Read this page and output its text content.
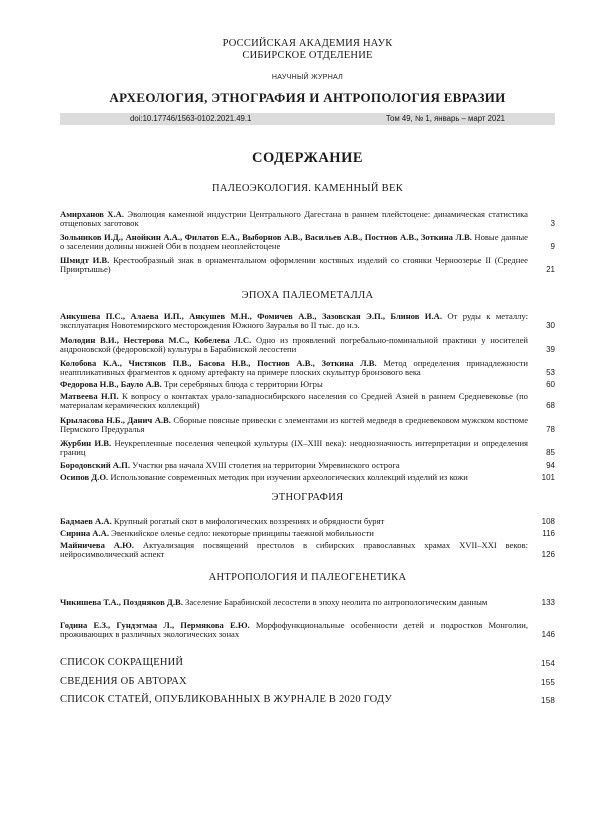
РОССИЙСКАЯ АКАДЕМИЯ НАУК
СИБИРСКОЕ ОТДЕЛЕНИЕ
НАУЧНЫЙ ЖУРНАЛ
АРХЕОЛОГИЯ, ЭТНОГРАФИЯ И АНТРОПОЛОГИЯ ЕВРАЗИИ
doi:10.17746/1563-0102.2021.49.1	Том 49, № 1, январь – март 2021
СОДЕРЖАНИЕ
ПАЛЕОЭКОЛОГИЯ. КАМЕННЫЙ ВЕК
Амирханов Х.А. Эволюция каменной индустрии Центрального Дагестана в раннем плейстоцене: динамическая статистика отщеповых заготовок	3
Зольников И.Д., Анойкин А.А., Филатов Е.А., Выборнов А.В., Васильев А.В., Постнов А.В., Зоткина Л.В. Новые данные о заселении долины нижней Оби в позднем неоплейстоцене	9
Шмидт И.В. Крестообразный знак в орнаментальном оформлении костяных изделий со стоянки Черноозерье II (Среднее Прииртышье)	21
ЭПОХА ПАЛЕОМЕТАЛЛА
Анкушева П.С., Алаева И.П., Анкушев М.Н., Фомичев А.В., Зазовская Э.П., Блинов И.А. От руды к металлу: эксплуатация Новотемирского месторождения Южного Зауралья во II тыс. до н.э.	30
Молодин В.И., Нестерова М.С., Кобелева Л.С. Одно из проявлений погребально-поминальной практики у носителей андроновской (федоровской) культуры в Барабинской лесостепи	39
Колобова К.А., Чистяков П.В., Басова Н.В., Постнов А.В., Зоткина Л.В. Метод определения принадлежности неаппликативных фрагментов к одному артефакту на примере плоских скульптур бронзового века	53
Федорова Н.В., Бауло А.В. Три серебряных блюда с территории Югры	60
Матвеева Н.П. К вопросу о контактах урало-западносибирского населения со Средней Азией в раннем Средневековье (по материалам керамических коллекций)	68
Крыласова Н.Б., Данич А.В. Сборные поясные привески с элементами из когтей медведя в средневековом мужском костюме Пермского Предуралья	78
Журбин И.В. Неукрепленные поселения чепецкой культуры (IX–XIII века): неоднозначность интерпретации и определения границ	85
Бородовский А.П. Участки рва начала XVIII столетия на территории Умревинского острога	94
Осипов Д.О. Использование современных методик при изучении археологических коллекций изделий из кожи	101
ЭТНОГРАФИЯ
Бадмаев А.А. Крупный рогатый скот в мифологических воззрениях и обрядности бурят	108
Сирина А.А. Эвенкийское оленье седло: некоторые принципы таежной мобильности	116
Майничева А.Ю. Актуализация посвящений престолов в сибирских православных храмах XVII–XXI веков: нейросимволический аспект	126
АНТРОПОЛОГИЯ И ПАЛЕОГЕНЕТИКА
Чикишева Т.А., Поздняков Д.В. Заселение Барабинской лесостепи в эпоху неолита по антропологическим данным	133
Година Е.З., Гундэгмаа Л., Пермякова Е.Ю. Морфофункциональные особенности детей и подростков Монголии, проживающих в различных экологических зонах	146
СПИСОК СОКРАЩЕНИЙ	154
СВЕДЕНИЯ ОБ АВТОРАХ	155
СПИСОК СТАТЕЙ, ОПУБЛИКОВАННЫХ В ЖУРНАЛЕ В 2020 ГОДУ	158
